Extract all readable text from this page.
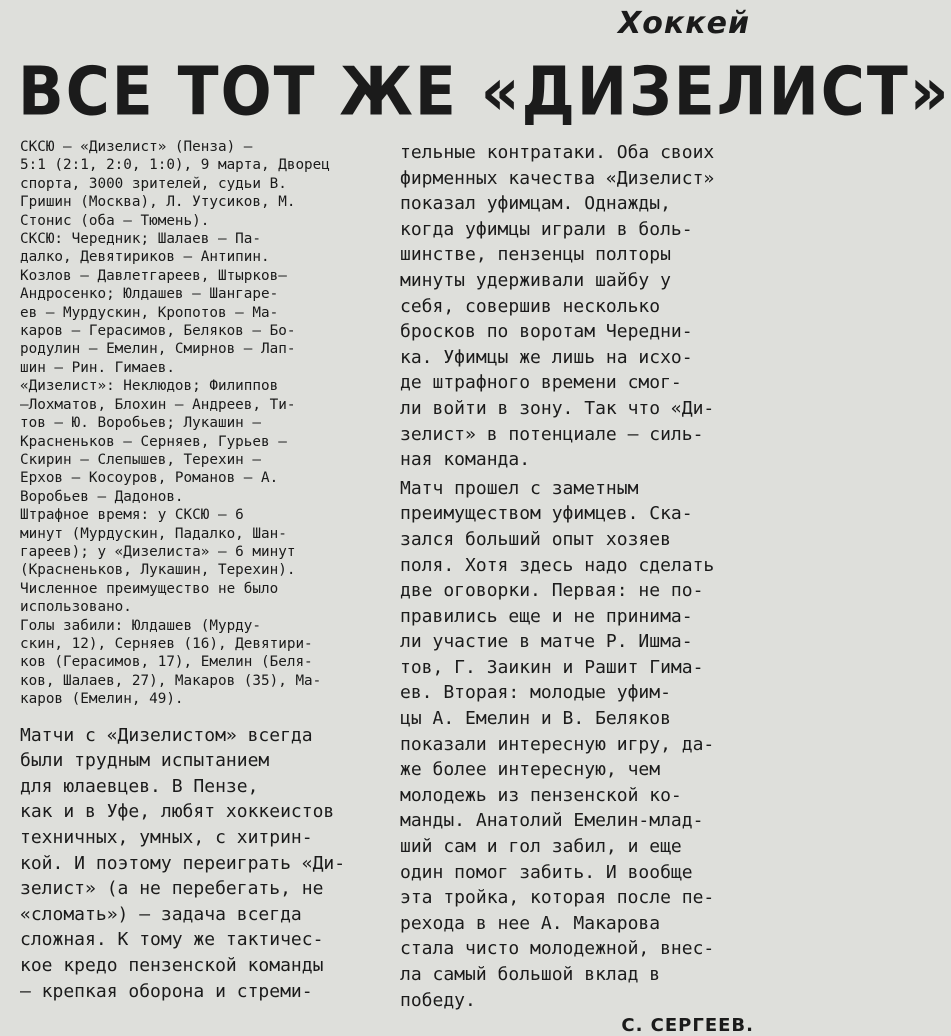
Хоккей
ВСЕ ТОТ ЖЕ «ДИЗЕЛИСТ»
СКСЮ — «Дизелист» (Пенза) —
5:1 (2:1, 2:0, 1:0), 9 марта, Дворец
спорта, 3000 зрителей, судьи В.
Гришин (Москва), Л. Утусиков, М.
Стонис (оба — Тюмень).
СКСЮ: Чередник; Шалаев — Па-
далко, Девятириков — Антипин.
Козлов — Давлетгареев, Штырков—
Андросенко; Юлдашев — Шангаре-
ев — Мурдускин, Кропотов — Ма-
каров — Герасимов, Беляков — Бо-
родулин — Емелин, Смирнов — Лап-
шин — Рин. Гимаев.
«Дизелист»: Неклюдов; Филиппов
—Лохматов, Блохин — Андреев, Ти-
тов — Ю. Воробьев; Лукашин —
Красненьков — Серняев, Гурьев —
Скирин — Слепышев, Терехин —
Ерхов — Косоуров, Романов — А.
Воробьев — Дадонов.
Штрафное время: у СКСЮ — 6
минут (Мурдускин, Падалко, Шан-
гареев); у «Дизелиста» — 6 минут
(Красненьков, Лукашин, Терехин).
Численное преимущество не было
использовано.
Голы забили: Юлдашев (Мурду-
скин, 12), Серняев (16), Девятири-
ков (Герасимов, 17), Емелин (Беля-
ков, Шалаев, 27), Макаров (35), Ма-
каров (Емелин, 49).
Матчи с «Дизелистом» всегда
были трудным испытанием
для юлаевцев. В Пензе,
как и в Уфе, любят хоккеистов
техничных, умных, с хитрин-
кой. И поэтому переиграть «Ди-
зелист» (а не перебегать, не
«сломать») — задача всегда
сложная. К тому же тактичес-
кое кредо пензенской команды
— крепкая оборона и стреми-
тельные контратаки. Оба своих
фирменных качества «Дизелист»
показал уфимцам. Однажды,
когда уфимцы играли в боль-
шинстве, пензенцы полторы
минуты удерживали шайбу у
себя, совершив несколько
бросков по воротам Чередни-
ка. Уфимцы же лишь на исхо-
де штрафного времени смог-
ли войти в зону. Так что «Ди-
зелист» в потенциале — силь-
ная команда.
Матч прошел с заметным
преимуществом уфимцев. Ска-
зался больший опыт хозяев
поля. Хотя здесь надо сделать
две оговорки. Первая: не по-
правились еще и не принима-
ли участие в матче Р. Ишма-
тов, Г. Заикин и Рашит Гима-
ев. Вторая: молодые уфим-
цы А. Емелин и В. Беляков
показали интересную игру, да-
же более интересную, чем
молодежь из пензенской ко-
манды. Анатолий Емелин-млад-
ший сам и гол забил, и еще
один помог забить. И вообще
эта тройка, которая после пе-
рехода в нее А. Макарова
стала чисто молодежной, внес-
ла самый большой вклад в
победу.
С. СЕРГЕЕВ.
